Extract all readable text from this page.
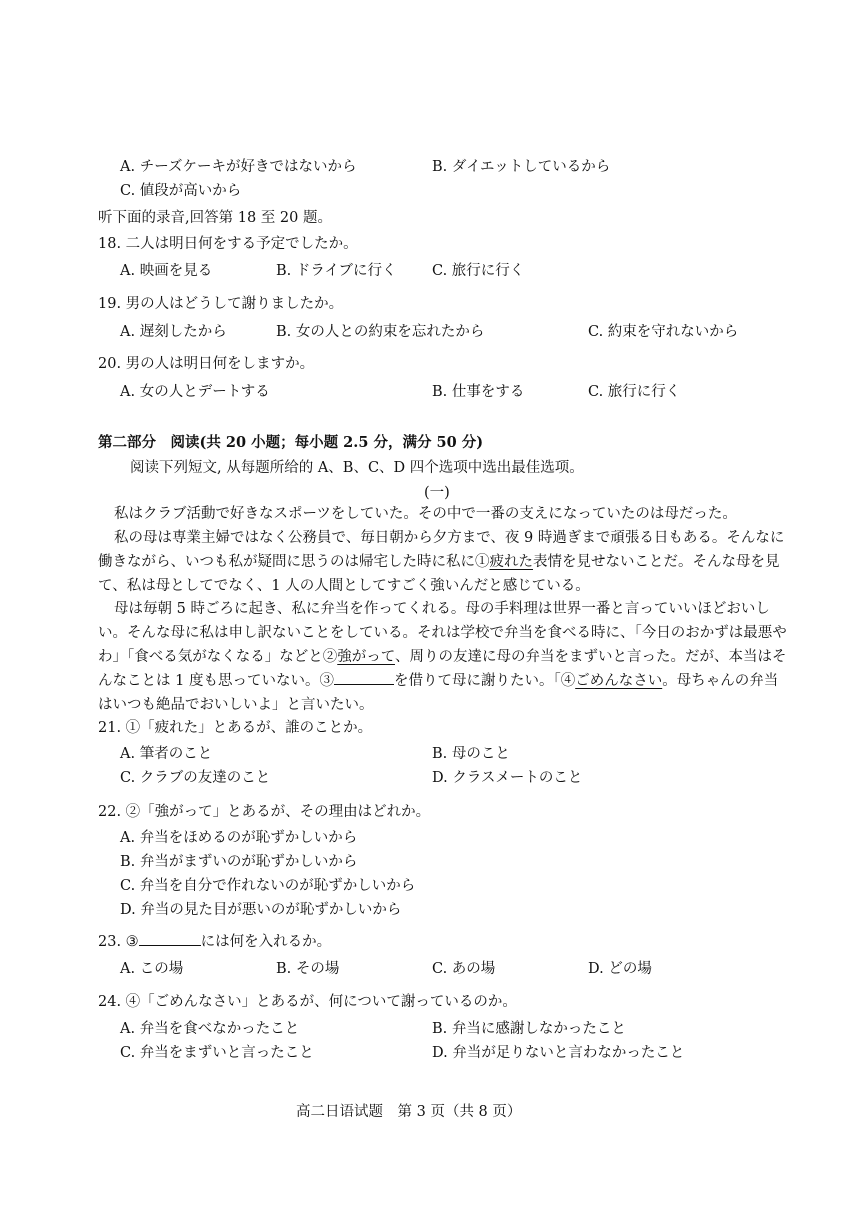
A. チーズケーキが好きではないから	B. ダイエットしているから
C. 値段が高いから
听下面的录音,回答第 18 至 20 题。
18. 二人は明日何をする予定でしたか。
A. 映画を見る	B. ドライブに行く C. 旅行に行く
19. 男の人はどうして謝りましたか。
A. 遅刻したから	B. 女の人との約束を忘れたから	C. 約束を守れないから
20. 男の人は明日何をしますか。
A. 女の人とデートする	B. 仕事をする	C. 旅行に行く
第二部分　阅读(共 20 小题；每小题 2.5 分，满分 50 分)
阅读下列短文, 从每题所给的 A、B、C、D 四个选项中选出最佳选项。
(一)
私はクラブ活動で好きなスポーツをしていた。その中で一番の支えになっていたのは母だった。
私の母は専業主婦ではなく公務員で、毎日朝から夕方まで、夜 9 時過ぎまで頑張る日もある。そんなに働きながら、いつも私が疑問に思うのは帰宅した時に私に①疲れた表情を見せないことだ。そんな母を見て、私は母としてでなく、1 人の人間としてすごく強いんだと感じている。
母は毎朝 5 時ごろに起き、私に弁当を作ってくれる。母の手料理は世界一番と言っていいほどおいしい。そんな母に私は申し訳ないことをしている。それは学校で弁当を食べる時に、「今日のおかずは最悪やわ」「食べる気がなくなる」などと②強がって、周りの友達に母の弁当をまずいと言った。だが、本当はそんなことは 1 度も思っていない。③	を借りて母に謝りたい。「④ごめんなさい。母ちゃんの弁当はいつも絶品でおいしいよ」と言いたい。
21. ①「疲れた」とあるが、誰のことか。
A. 筆者のこと	B. 母のこと
C. クラブの友達のこと	D. クラスメートのこと
22. ②「強がって」とあるが、その理由はどれか。
A. 弁当をほめるのが恥ずかしいから
B. 弁当がまずいのが恥ずかしいから
C. 弁当を自分で作れないのが恥ずかしいから
D. 弁当の見た目が悪いのが恥ずかしいから
23. ③	には何を入れるか。
A. この場	B. その場	C. あの場	D. どの場
24. ④「ごめんなさい」とあるが、何について謝っているのか。
A. 弁当を食べなかったこと	B. 弁当に感謝しなかったこと
C. 弁当をまずいと言ったこと	D. 弁当が足りないと言わなかったこと
高二日语试题　第 3 页（共 8 页）
